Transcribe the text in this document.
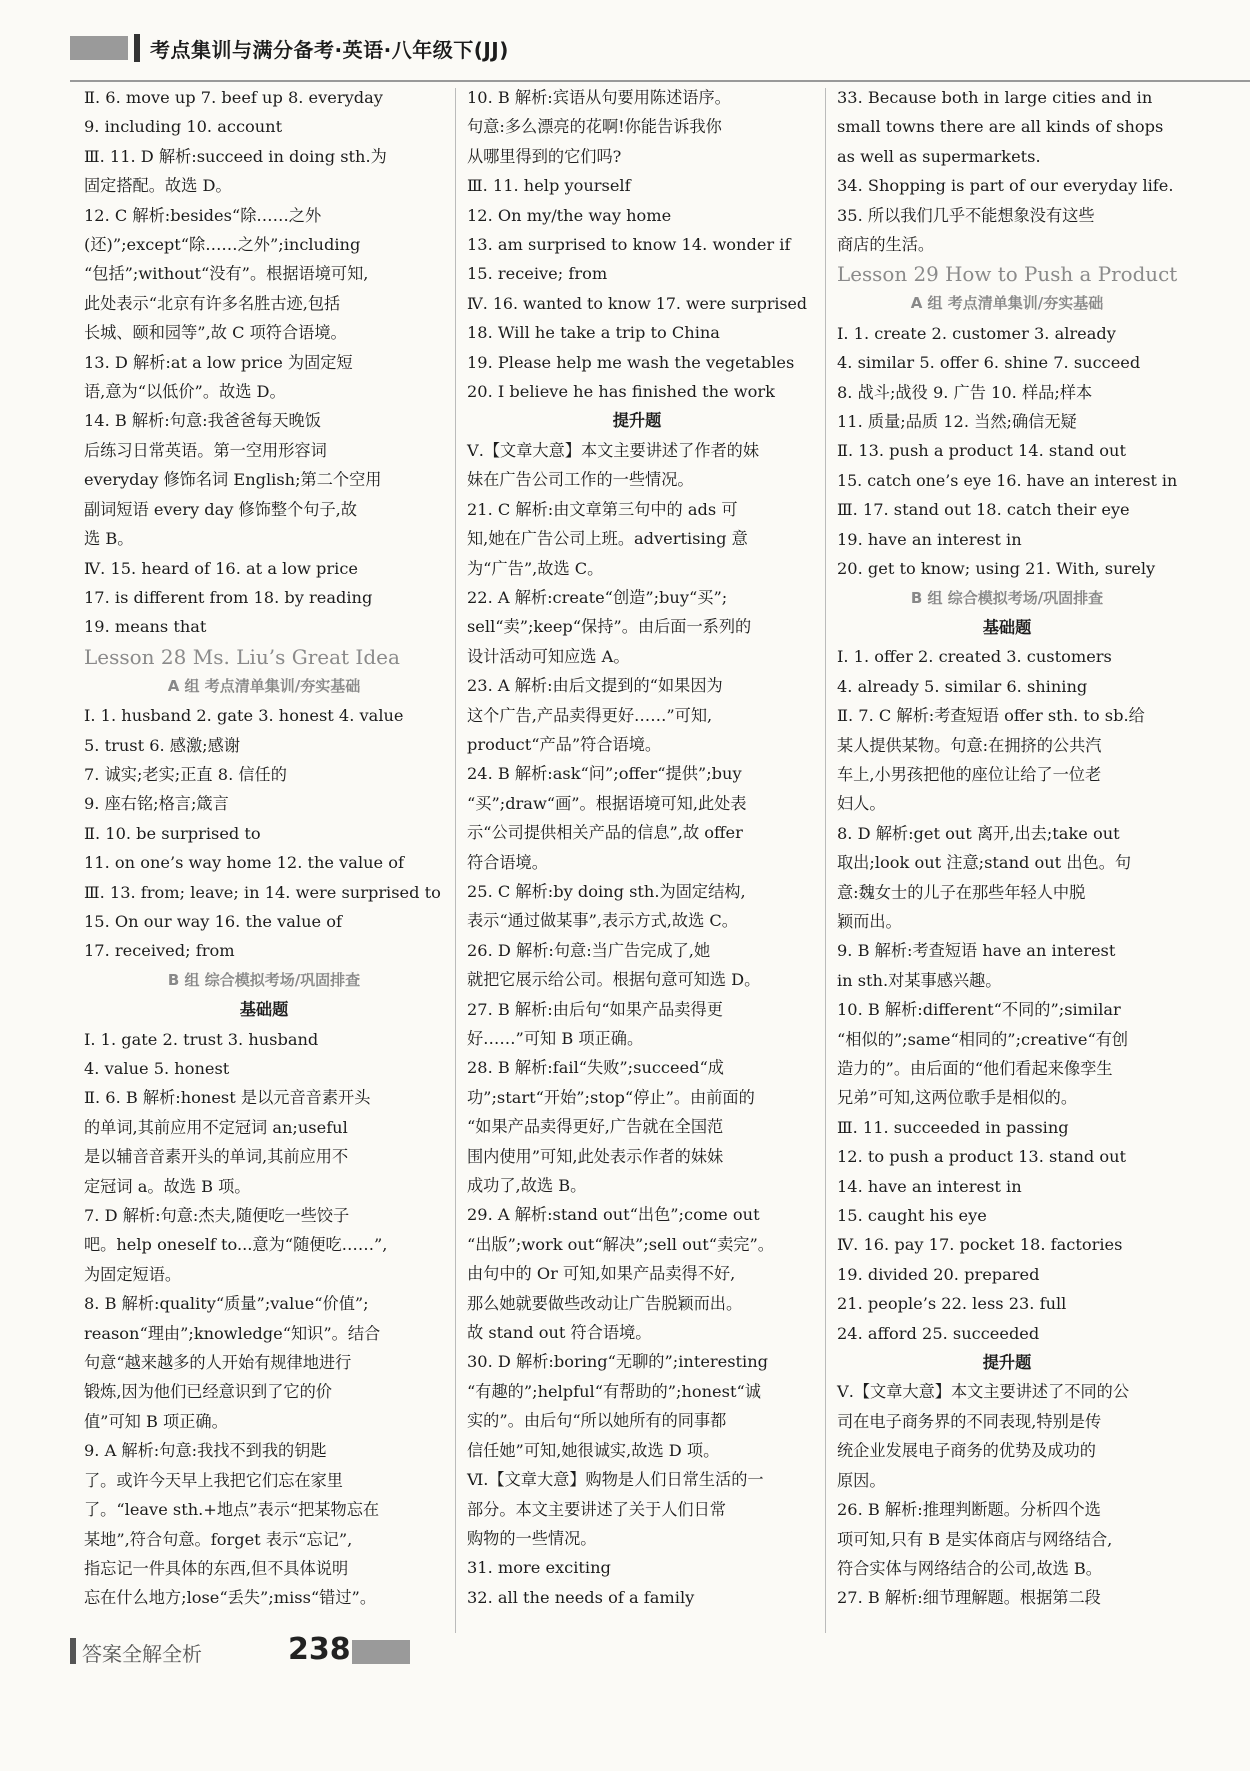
考点集训与满分备考·英语·八年级下(JJ)
Ⅱ. 6. move up 7. beef up 8. everyday
9. including 10. account
Ⅲ. 11. D 解析:succeed in doing sth.为
固定搭配。故选 D。
12. C 解析:besides“除……之外
(还)”;except“除……之外”;including
“包括”;without“没有”。根据语境可知,
此处表示“北京有许多名胜古迹,包括
长城、颐和园等”,故 C 项符合语境。
13. D 解析:at a low price 为固定短
语,意为“以低价”。故选 D。
14. B 解析:句意:我爸爸每天晚饭
后练习日常英语。第一空用形容词
everyday 修饰名词 English;第二个空用
副词短语 every day 修饰整个句子,故
选 B。
Ⅳ. 15. heard of 16. at a low price
17. is different from 18. by reading
19. means that
Lesson 28 Ms. Liu’s Great Idea
A 组 考点清单集训/夯实基础
Ⅰ. 1. husband 2. gate 3. honest 4. value
5. trust 6. 感激;感谢
7. 诚实;老实;正直 8. 信任的
9. 座右铭;格言;箴言
Ⅱ. 10. be surprised to
11. on one’s way home 12. the value of
Ⅲ. 13. from; leave; in 14. were surprised to
15. On our way 16. the value of
17. received; from
B 组 综合模拟考场/巩固排查
基础题
Ⅰ. 1. gate 2. trust 3. husband
4. value 5. honest
Ⅱ. 6. B 解析:honest 是以元音音素开头
的单词,其前应用不定冠词 an;useful
是以辅音音素开头的单词,其前应用不
定冠词 a。故选 B 项。
7. D 解析:句意:杰夫,随便吃一些饺子
吧。help oneself to...意为“随便吃……”,
为固定短语。
8. B 解析:quality“质量”;value“价值”;
reason“理由”;knowledge“知识”。结合
句意“越来越多的人开始有规律地进行
锻炼,因为他们已经意识到了它的价
值”可知 B 项正确。
9. A 解析:句意:我找不到我的钥匙
了。或许今天早上我把它们忘在家里
了。“leave sth.+地点”表示“把某物忘在
某地”,符合句意。forget 表示“忘记”,
指忘记一件具体的东西,但不具体说明
忘在什么地方;lose“丢失”;miss“错过”。
10. B 解析:宾语从句要用陈述语序。
句意:多么漂亮的花啊!你能告诉我你
从哪里得到的它们吗?
Ⅲ. 11. help yourself
12. On my/the way home
13. am surprised to know 14. wonder if
15. receive; from
Ⅳ. 16. wanted to know 17. were surprised
18. Will he take a trip to China
19. Please help me wash the vegetables
20. I believe he has finished the work
提升题
Ⅴ.【文章大意】本文主要讲述了作者的妹
妹在广告公司工作的一些情况。
21. C 解析:由文章第三句中的 ads 可
知,她在广告公司上班。advertising 意
为“广告”,故选 C。
22. A 解析:create“创造”;buy“买”;
sell“卖”;keep“保持”。由后面一系列的
设计活动可知应选 A。
23. A 解析:由后文提到的“如果因为
这个广告,产品卖得更好……”可知,
product“产品”符合语境。
24. B 解析:ask“问”;offer“提供”;buy
“买”;draw“画”。根据语境可知,此处表
示“公司提供相关产品的信息”,故 offer
符合语境。
25. C 解析:by doing sth.为固定结构,
表示“通过做某事”,表示方式,故选 C。
26. D 解析:句意:当广告完成了,她
就把它展示给公司。根据句意可知选 D。
27. B 解析:由后句“如果产品卖得更
好……”可知 B 项正确。
28. B 解析:fail“失败”;succeed“成
功”;start“开始”;stop“停止”。由前面的
“如果产品卖得更好,广告就在全国范
围内使用”可知,此处表示作者的妹妹
成功了,故选 B。
29. A 解析:stand out“出色”;come out
“出版”;work out“解决”;sell out“卖完”。
由句中的 Or 可知,如果产品卖得不好,
那么她就要做些改动让广告脱颖而出。
故 stand out 符合语境。
30. D 解析:boring“无聊的”;interesting
“有趣的”;helpful“有帮助的”;honest“诚
实的”。由后句“所以她所有的同事都
信任她”可知,她很诚实,故选 D 项。
Ⅵ.【文章大意】购物是人们日常生活的一
部分。本文主要讲述了关于人们日常
购物的一些情况。
31. more exciting
32. all the needs of a family
33. Because both in large cities and in
small towns there are all kinds of shops
as well as supermarkets.
34. Shopping is part of our everyday life.
35. 所以我们几乎不能想象没有这些
商店的生活。
Lesson 29 How to Push a Product
A 组 考点清单集训/夯实基础
Ⅰ. 1. create 2. customer 3. already
4. similar 5. offer 6. shine 7. succeed
8. 战斗;战役 9. 广告 10. 样品;样本
11. 质量;品质 12. 当然;确信无疑
Ⅱ. 13. push a product 14. stand out
15. catch one’s eye 16. have an interest in
Ⅲ. 17. stand out 18. catch their eye
19. have an interest in
20. get to know; using 21. With, surely
B 组 综合模拟考场/巩固排查
基础题
Ⅰ. 1. offer 2. created 3. customers
4. already 5. similar 6. shining
Ⅱ. 7. C 解析:考查短语 offer sth. to sb.给
某人提供某物。句意:在拥挤的公共汽
车上,小男孩把他的座位让给了一位老
妇人。
8. D 解析:get out 离开,出去;take out
取出;look out 注意;stand out 出色。句
意:魏女士的儿子在那些年轻人中脱
颖而出。
9. B 解析:考查短语 have an interest
in sth.对某事感兴趣。
10. B 解析:different“不同的”;similar
“相似的”;same“相同的”;creative“有创
造力的”。由后面的“他们看起来像孪生
兄弟”可知,这两位歌手是相似的。
Ⅲ. 11. succeeded in passing
12. to push a product 13. stand out
14. have an interest in
15. caught his eye
Ⅳ. 16. pay 17. pocket 18. factories
19. divided 20. prepared
21. people’s 22. less 23. full
24. afford 25. succeeded
提升题
Ⅴ.【文章大意】本文主要讲述了不同的公
司在电子商务界的不同表现,特别是传
统企业发展电子商务的优势及成功的
原因。
26. B 解析:推理判断题。分析四个选
项可知,只有 B 是实体商店与网络结合,
符合实体与网络结合的公司,故选 B。
27. B 解析:细节理解题。根据第二段
答案全解全析	238
